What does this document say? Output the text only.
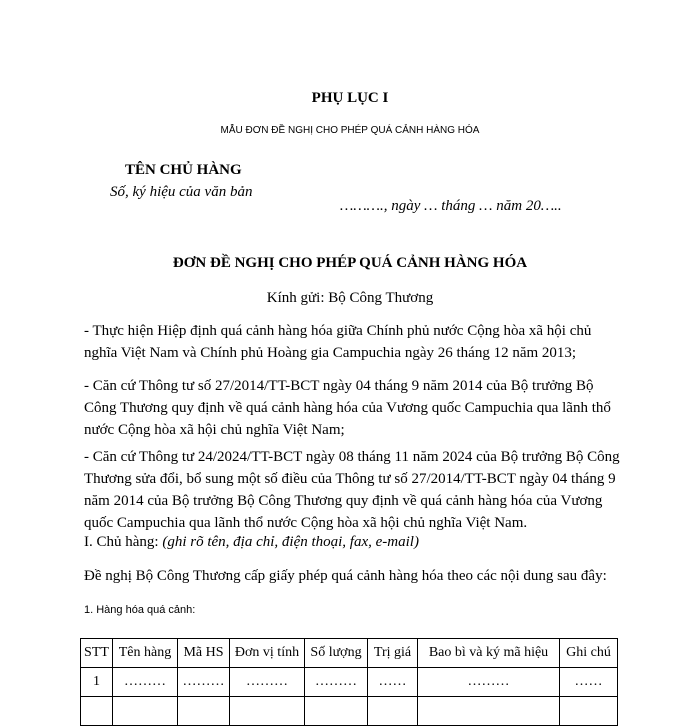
PHỤ LỤC I
MẪU ĐƠN ĐỀ NGHỊ CHO PHÉP QUÁ CẢNH HÀNG HÓA
TÊN CHỦ HÀNG
Số, ký hiệu của văn bản
………., ngày … tháng … năm 20…..
ĐƠN ĐỀ NGHỊ CHO PHÉP QUÁ CẢNH HÀNG HÓA
Kính gửi: Bộ Công Thương
- Thực hiện Hiệp định quá cảnh hàng hóa giữa Chính phủ nước Cộng hòa xã hội chủ nghĩa Việt Nam và Chính phủ Hoàng gia Campuchia ngày 26 tháng 12 năm 2013;
- Căn cứ Thông tư số 27/2014/TT-BCT ngày 04 tháng 9 năm 2014 của Bộ trưởng Bộ Công Thương quy định về quá cảnh hàng hóa của Vương quốc Campuchia qua lãnh thổ nước Cộng hòa xã hội chủ nghĩa Việt Nam;
- Căn cứ Thông tư 24/2024/TT-BCT ngày 08 tháng 11 năm 2024 của Bộ trưởng Bộ Công Thương sửa đổi, bổ sung một số điều của Thông tư số 27/2014/TT-BCT ngày 04 tháng 9 năm 2014 của Bộ trưởng Bộ Công Thương quy định về quá cảnh hàng hóa của Vương quốc Campuchia qua lãnh thổ nước Cộng hòa xã hội chủ nghĩa Việt Nam.
I. Chủ hàng: (ghi rõ tên, địa chỉ, điện thoại, fax, e-mail)
Đề nghị Bộ Công Thương cấp giấy phép quá cảnh hàng hóa theo các nội dung sau đây:
1. Hàng hóa quá cảnh:
STT	Tên hàng	Mã HS	Đơn vị tính	Số lượng	Trị giá	Bao bì và ký mã hiệu	Ghi chú
1	………	………	………	………	……	………	……
